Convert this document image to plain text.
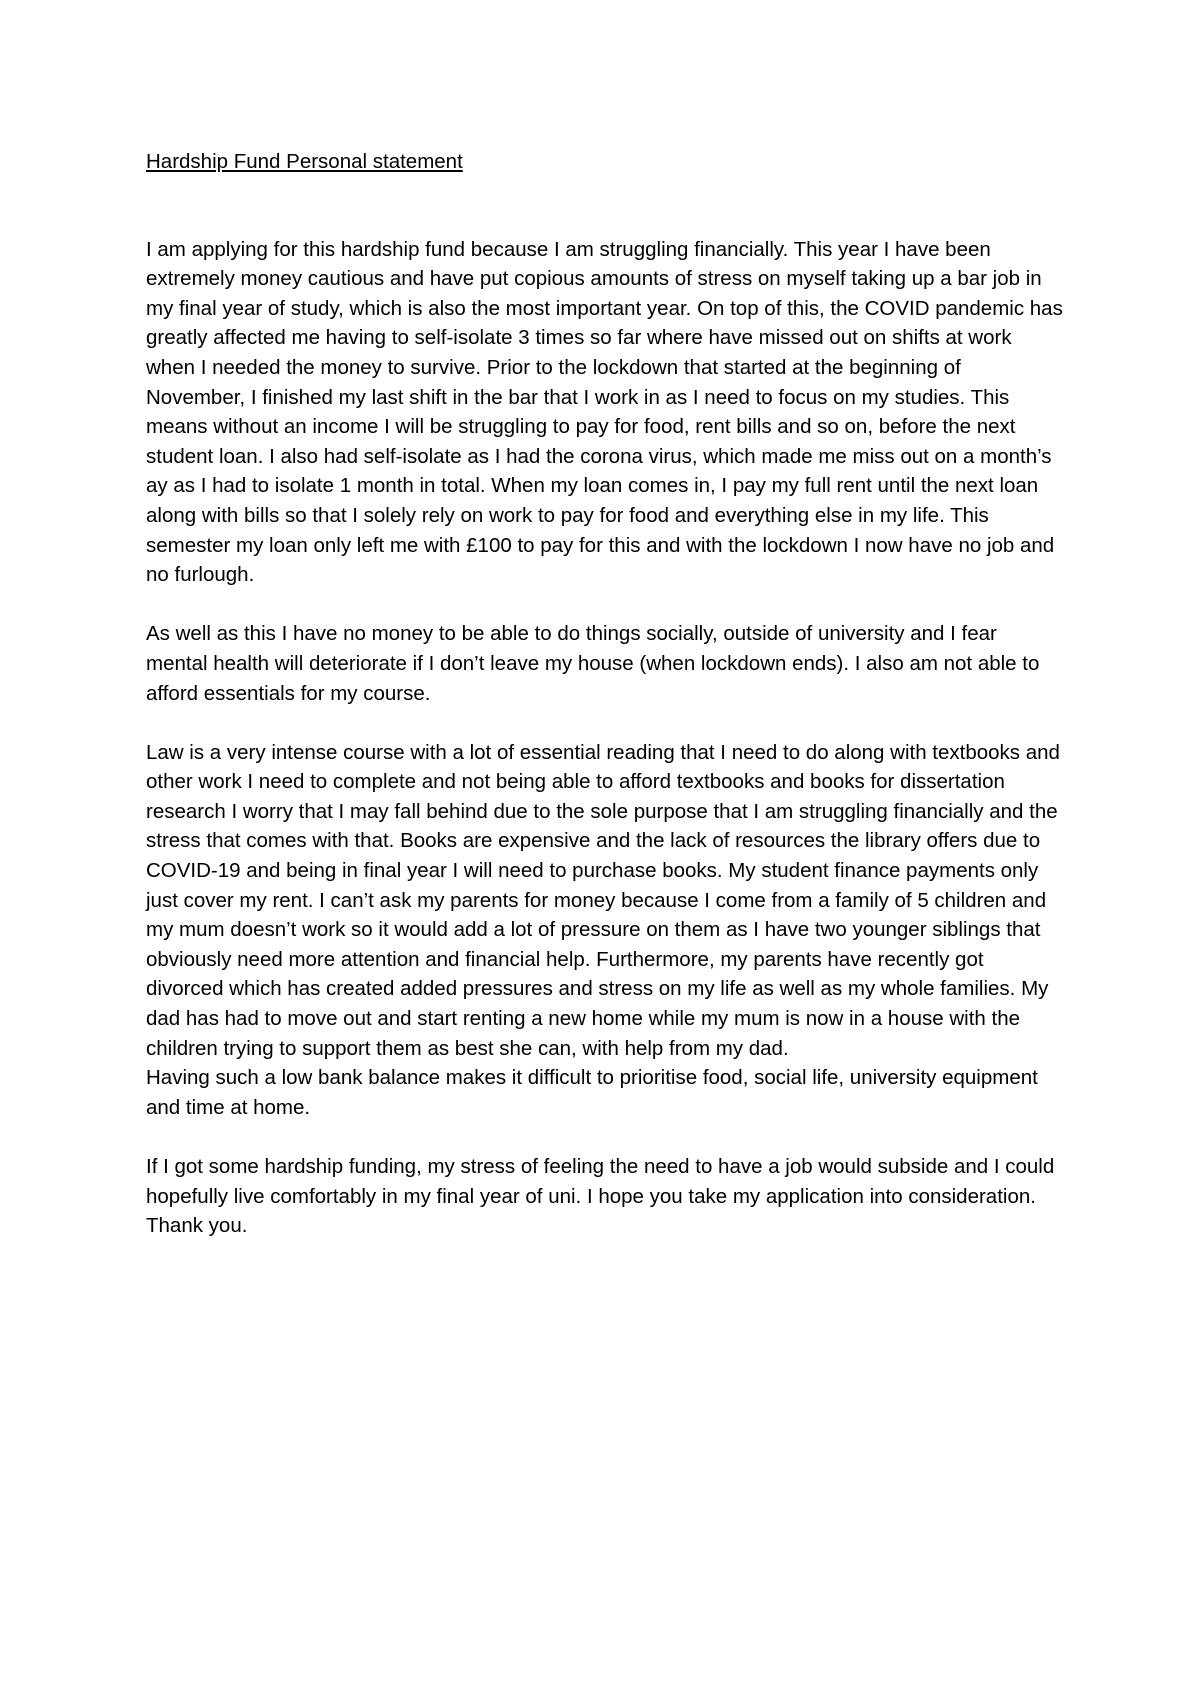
Hardship Fund Personal statement

I am applying for this hardship fund because I am struggling financially. This year I have been extremely money cautious and have put copious amounts of stress on myself taking up a bar job in my final year of study, which is also the most important year. On top of this, the COVID pandemic has greatly affected me having to self-isolate 3 times so far where have missed out on shifts at work when I needed the money to survive. Prior to the lockdown that started at the beginning of November, I finished my last shift in the bar that I work in as I need to focus on my studies. This means without an income I will be struggling to pay for food, rent bills and so on, before the next student loan. I also had self-isolate as I had the corona virus, which made me miss out on a month’s ay as I had to isolate 1 month in total. When my loan comes in, I pay my full rent until the next loan along with bills so that I solely rely on work to pay for food and everything else in my life. This semester my loan only left me with £100 to pay for this and with the lockdown I now have no job and no furlough.

As well as this I have no money to be able to do things socially, outside of university and I fear mental health will deteriorate if I don’t leave my house (when lockdown ends). I also am not able to afford essentials for my course.

Law is a very intense course with a lot of essential reading that I need to do along with textbooks and other work I need to complete and not being able to afford textbooks and books for dissertation research I worry that I may fall behind due to the sole purpose that I am struggling financially and the stress that comes with that. Books are expensive and the lack of resources the library offers due to COVID-19 and being in final year I will need to purchase books. My student finance payments only just cover my rent. I can’t ask my parents for money because I come from a family of 5 children and my mum doesn’t work so it would add a lot of pressure on them as I have two younger siblings that obviously need more attention and financial help. Furthermore, my parents have recently got divorced which has created added pressures and stress on my life as well as my whole families. My dad has had to move out and start renting a new home while my mum is now in a house with the children trying to support them as best she can, with help from my dad.

Having such a low bank balance makes it difficult to prioritise food, social life, university equipment and time at home.

If I got some hardship funding, my stress of feeling the need to have a job would subside and I could hopefully live comfortably in my final year of uni. I hope you take my application into consideration. Thank you.
